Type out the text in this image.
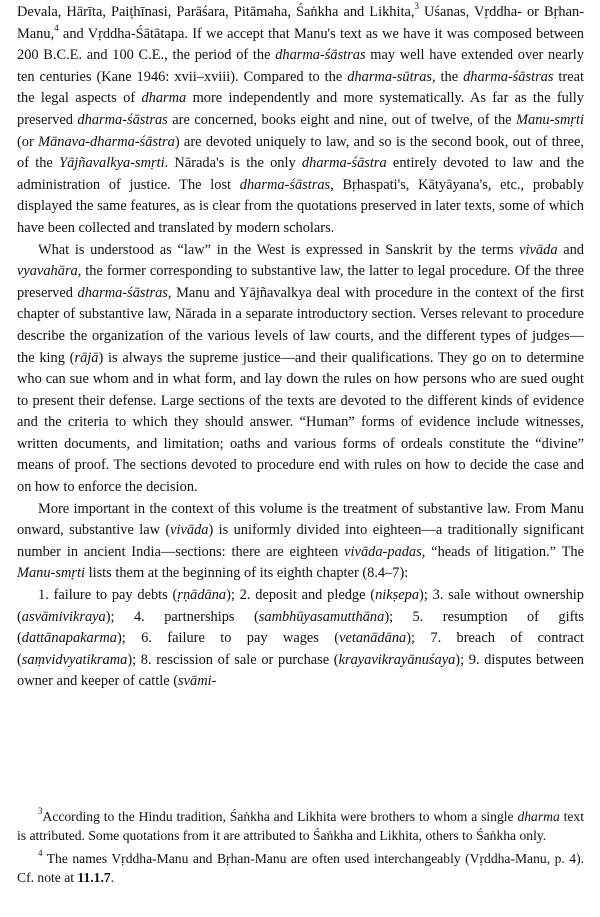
Devala, Hārīta, Paiṭhīnasi, Parāśara, Pitāmaha, Śaṅkha and Likhita,$^3$ Uśanas, Vṛddha- or Bṛhan-Manu,$^4$ and Vṛddha-Śātātapa. If we accept that Manu's text as we have it was composed between 200 B.C.E. and 100 C.E., the period of the dharma-śāstras may well have extended over nearly ten centuries (Kane 1946: xvii–xviii). Compared to the dharma-sūtras, the dharma-śāstras treat the legal aspects of dharma more independently and more systematically. As far as the fully preserved dharma-śāstras are concerned, books eight and nine, out of twelve, of the Manu-smṛti (or Mānava-dharma-śāstra) are devoted uniquely to law, and so is the second book, out of three, of the Yājñavalkya-smṛti. Nārada's is the only dharma-śāstra entirely devoted to law and the administration of justice. The lost dharma-śāstras, Bṛhaspati's, Kātyāyana's, etc., probably displayed the same features, as is clear from the quotations preserved in later texts, some of which have been collected and translated by modern scholars.

What is understood as “law” in the West is expressed in Sanskrit by the terms vivāda and vyavahāra, the former corresponding to substantive law, the latter to legal procedure. Of the three preserved dharma-śāstras, Manu and Yājñavalkya deal with procedure in the context of the first chapter of substantive law, Nārada in a separate introductory section. Verses relevant to procedure describe the organization of the various levels of law courts, and the different types of judges—the king (rājā) is always the supreme justice—and their qualifications. They go on to determine who can sue whom and in what form, and lay down the rules on how persons who are sued ought to present their defense. Large sections of the texts are devoted to the different kinds of evidence and the criteria to which they should answer. “Human” forms of evidence include witnesses, written documents, and limitation; oaths and various forms of ordeals constitute the “divine” means of proof. The sections devoted to procedure end with rules on how to decide the case and on how to enforce the decision.

More important in the context of this volume is the treatment of substantive law. From Manu onward, substantive law (vivāda) is uniformly divided into eighteen—a traditionally significant number in ancient India—sections: there are eighteen vivāda-padas, “heads of litigation.” The Manu-smṛti lists them at the beginning of its eighth chapter (8.4–7):

1. failure to pay debts (ṛṇādāna); 2. deposit and pledge (nikṣepa); 3. sale without ownership (asvāmivikraya); 4. partnerships (sambhūyasamutthāna); 5. resumption of gifts (dattānapakarma); 6. failure to pay wages (vetanādāna); 7. breach of contract (saṃvidvyatikrama); 8. rescission of sale or purchase (krayavikrayānuśaya); 9. disputes between owner and keeper of cattle (svāmi-

$^3$According to the Hindu tradition, Śaṅkha and Likhita were brothers to whom a single dharma text is attributed. Some quotations from it are attributed to Śaṅkha and Likhita, others to Śaṅkha only.

$^4$ The names Vṛddha-Manu and Bṛhan-Manu are often used interchangeably (Vṛddha-Manu, p. 4). Cf. note at 11.1.7.
